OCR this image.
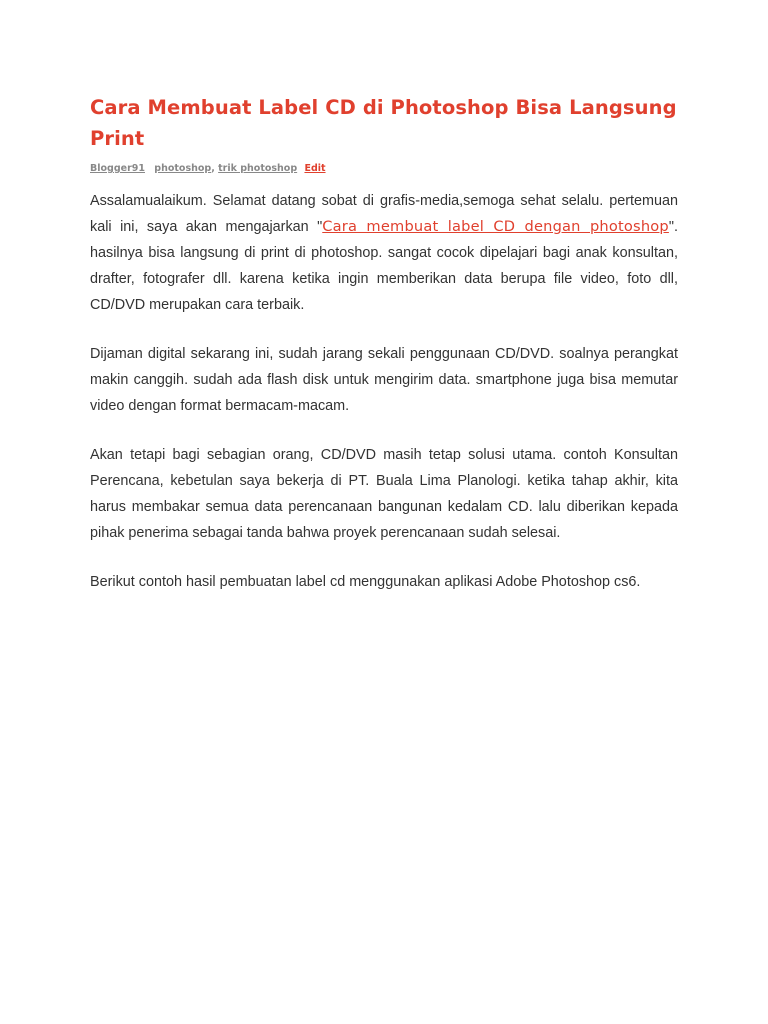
Cara Membuat Label CD di Photoshop Bisa Langsung Print
Blogger91 photoshop, trik photoshop Edit

Assalamualaikum. Selamat datang sobat di grafis-media,semoga sehat selalu. pertemuan kali ini, saya akan mengajarkan "Cara membuat label CD dengan photoshop". hasilnya bisa langsung di print di photoshop. sangat cocok dipelajari bagi anak konsultan, drafter, fotografer dll. karena ketika ingin memberikan data berupa file video, foto dll, CD/DVD merupakan cara terbaik.

Dijaman digital sekarang ini, sudah jarang sekali penggunaan CD/DVD. soalnya perangkat makin canggih. sudah ada flash disk untuk mengirim data. smartphone juga bisa memutar video dengan format bermacam-macam.

Akan tetapi bagi sebagian orang, CD/DVD masih tetap solusi utama. contoh Konsultan Perencana, kebetulan saya bekerja di PT. Buala Lima Planologi. ketika tahap akhir, kita harus membakar semua data perencanaan bangunan kedalam CD. lalu diberikan kepada pihak penerima sebagai tanda bahwa proyek perencanaan sudah selesai.

Berikut contoh hasil pembuatan label cd menggunakan aplikasi Adobe Photoshop cs6.
